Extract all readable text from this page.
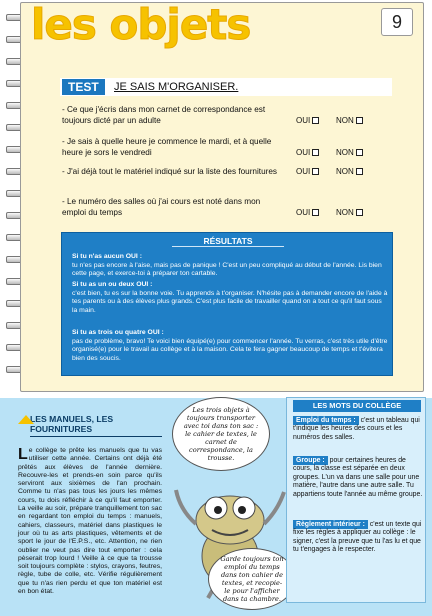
les objets	9
TEST	JE SAIS M'ORGANISER.
- Ce que j'écris dans mon carnet de correspondance est toujours dicté par un adulte	OUI	NON
- Je sais à quelle heure je commence le mardi, et à quelle heure je sors le vendredi	OUI	NON
- J'ai déjà tout le matériel indiqué sur la liste des fournitures	OUI	NON
- Le numéro des salles où j'ai cours est noté dans mon emploi du temps	OUI	NON
RÉSULTATS

Si tu n'as aucun OUI :
tu n'es pas encore à l'aise, mais pas de panique ! C'est un peu compliqué au début de l'année. Lis bien cette page, et exerce-toi à préparer ton cartable.

Si tu as un ou deux OUI :
c'est bien, tu es sur la bonne voie. Tu apprends à t'organiser. N'hésite pas à demander encore de l'aide à tes parents ou à des élèves plus grands. C'est plus facile de travailler quand on a tout ce qu'il faut sous la main.

Si tu as trois ou quatre OUI :
pas de problème, bravo! Te voici bien équipé(e) pour commencer l'année. Tu verras, c'est très utile d'être organisé(e) pour le travail au collège et à la maison. Cela te fera gagner beaucoup de temps et t'évitera bien des soucis.

LES MANUELS, LES FOURNITURES
Le collège te prête les manuels que tu vas utiliser cette année. Certains ont déjà été prêtés aux élèves de l'année dernière. Recouvre-les et prends-en soin parce qu'ils serviront aux sixièmes de l'an prochain. Comme tu n'as pas tous les jours les mêmes cours, tu dois réfléchir à ce qu'il faut emporter. La veille au soir, prépare tranquillement ton sac en regardant ton emploi du temps : manuels, cahiers, classeurs, matériel dans plastiques le jour où tu as arts plastiques, vêtements et de sport le jour de l'E.P.S., etc. Attention, ne rien oublier ne veut pas dire tout emporter : cela pèserait trop lourd ! Veille à ce que ta trousse soit toujours complète : stylos, crayons, feutres, règle, tube de colle, etc. Vérifie régulièrement que tu n'as rien perdu et que ton matériel est en bon état.
Les trois objets à toujours transporter avec toi dans ton sac : le cahier de textes, le carnet de correspondance, la trousse.
Garde toujours ton emploi du temps dans ton cahier de textes, et recopie-le pour l'afficher dans ta chambre.
LES MOTS DU COLLÈGE
Emploi du temps : c'est un tableau qui t'indique les heures des cours et les numéros des salles.
Groupe : pour certaines heures de cours, la classe est séparée en deux groupes. L'un va dans une salle pour une matière, l'autre dans une autre salle. Tu appartiens toute l'année au même groupe.
Règlement intérieur : c'est un texte qui fixe les règles à appliquer au collège : le signer, c'est la preuve que tu l'as lu et que tu t'engages à le respecter.
